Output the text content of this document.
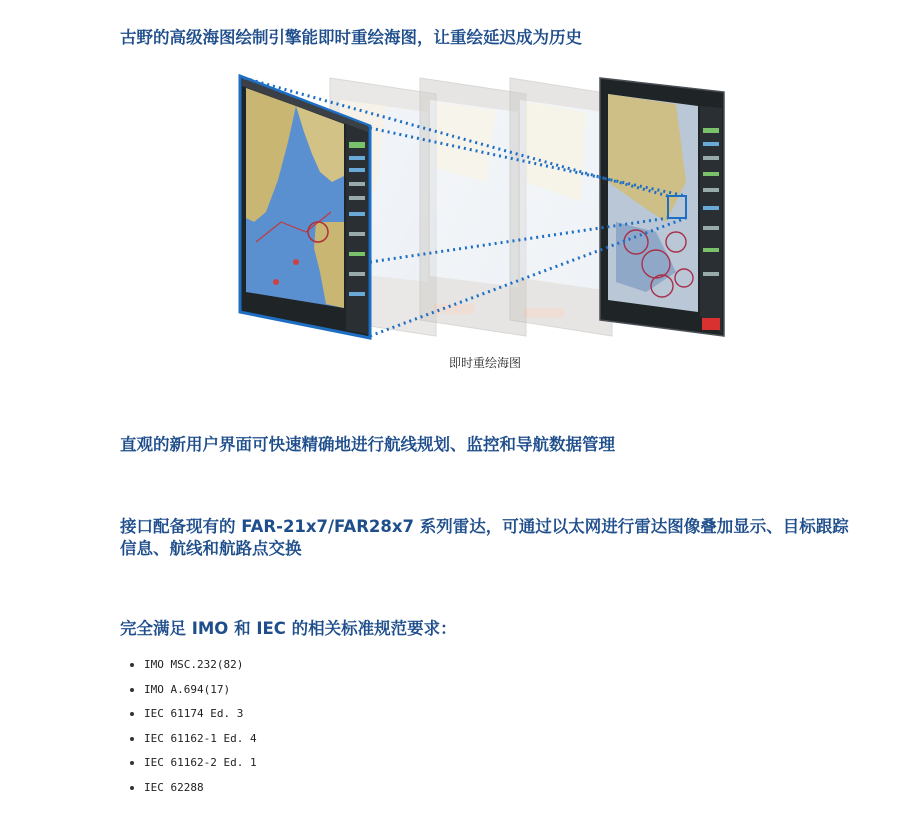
古野的高级海图绘制引擎能即时重绘海图，让重绘延迟成为历史
即时重绘海图
直观的新用户界面可快速精确地进行航线规划、监控和导航数据管理
接口配备现有的 FAR-21x7/FAR28x7 系列雷达，可通过以太网进行雷达图像叠加显示、目标跟踪信息、航线和航路点交换
完全满足 IMO 和 IEC 的相关标准规范要求：
IMO MSC.232(82)
IMO A.694(17)
IEC 61174 Ed. 3
IEC 61162-1 Ed. 4
IEC 61162-2 Ed. 1
IEC 62288
